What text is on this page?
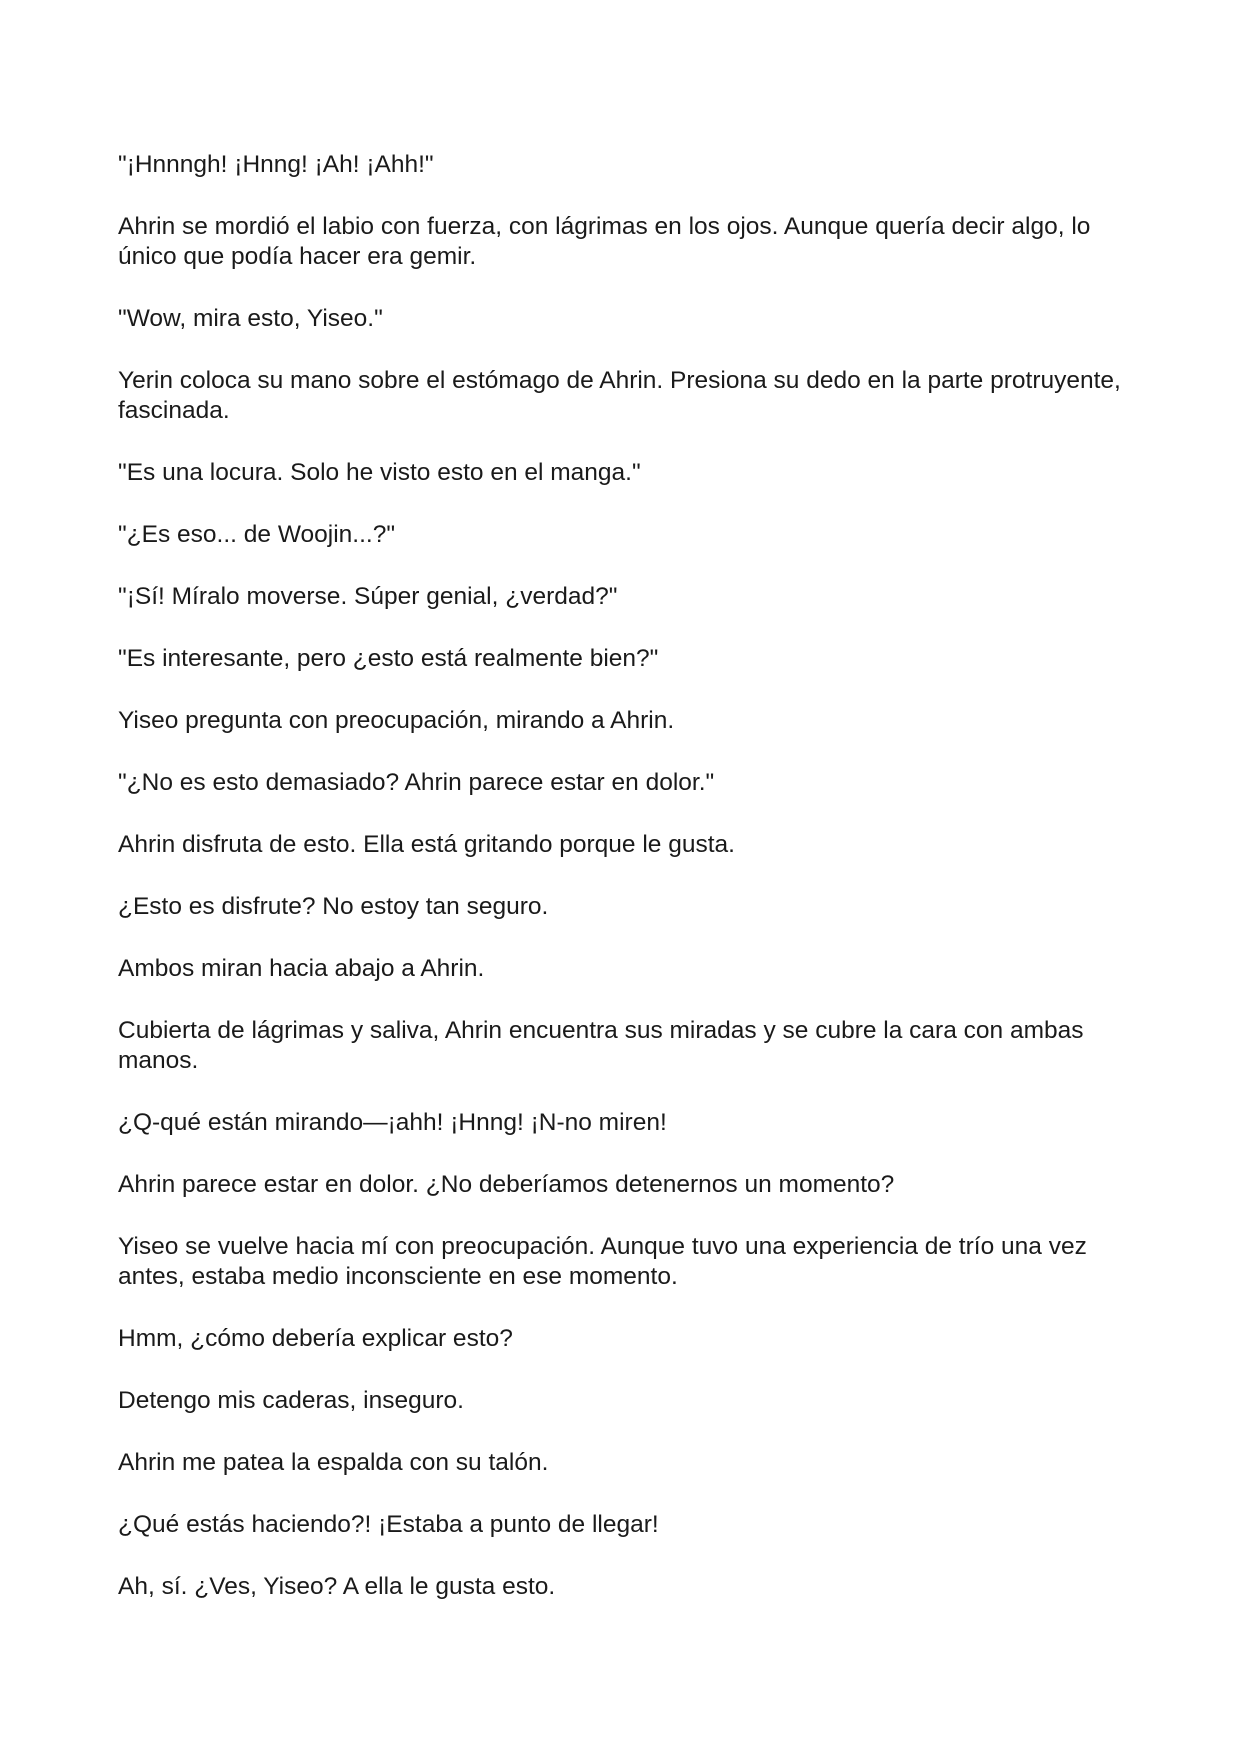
"¡Hnnngh! ¡Hnng! ¡Ah! ¡Ahh!"

Ahrin se mordió el labio con fuerza, con lágrimas en los ojos. Aunque quería decir algo, lo único que podía hacer era gemir.

"Wow, mira esto, Yiseo."

Yerin coloca su mano sobre el estómago de Ahrin. Presiona su dedo en la parte protruyente, fascinada.

"Es una locura. Solo he visto esto en el manga."

"¿Es eso... de Woojin...?"

"¡Sí! Míralo moverse. Súper genial, ¿verdad?"

"Es interesante, pero ¿esto está realmente bien?"

Yiseo pregunta con preocupación, mirando a Ahrin.

"¿No es esto demasiado? Ahrin parece estar en dolor."

Ahrin disfruta de esto. Ella está gritando porque le gusta.

¿Esto es disfrute? No estoy tan seguro.

Ambos miran hacia abajo a Ahrin.

Cubierta de lágrimas y saliva, Ahrin encuentra sus miradas y se cubre la cara con ambas manos.

¿Q-qué están mirando—¡ahh! ¡Hnng! ¡N-no miren!

Ahrin parece estar en dolor. ¿No deberíamos detenernos un momento?

Yiseo se vuelve hacia mí con preocupación. Aunque tuvo una experiencia de trío una vez antes, estaba medio inconsciente en ese momento.

Hmm, ¿cómo debería explicar esto?

Detengo mis caderas, inseguro.

Ahrin me patea la espalda con su talón.

¿Qué estás haciendo?! ¡Estaba a punto de llegar!

Ah, sí. ¿Ves, Yiseo? A ella le gusta esto.
